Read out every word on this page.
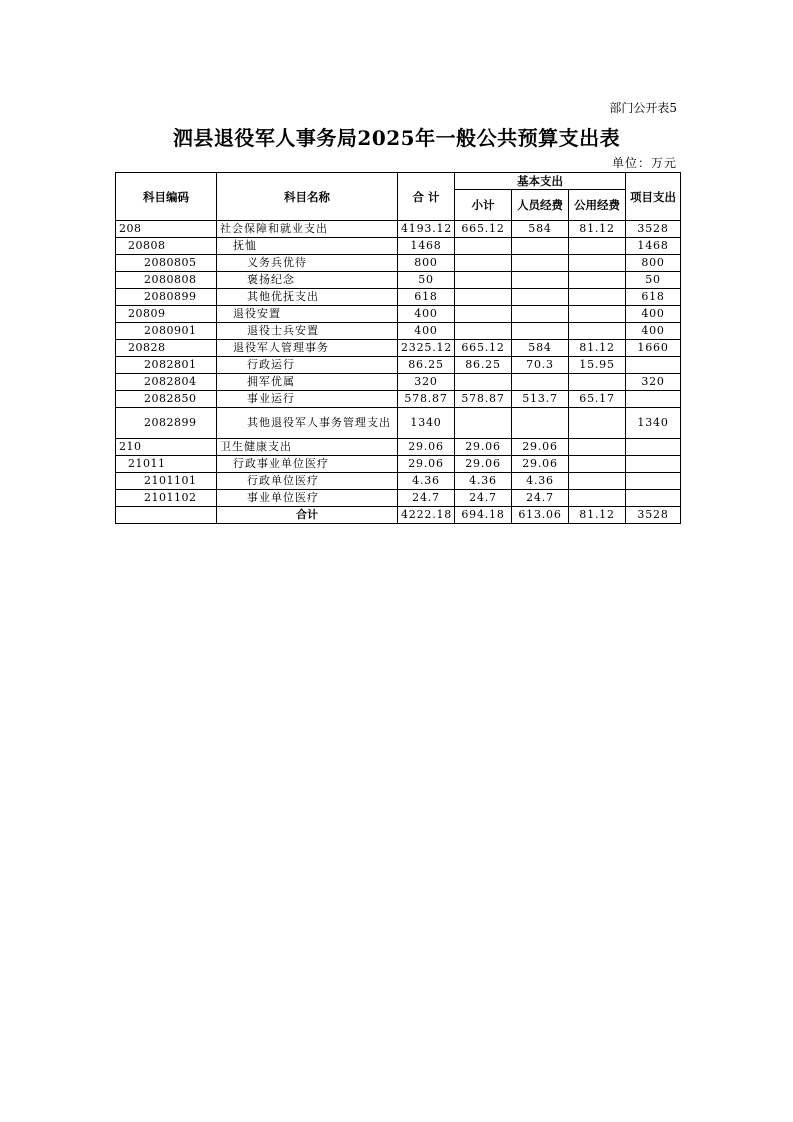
部门公开表5
泗县退役军人事务局2025年一般公共预算支出表
单位：万元
科目编码	科目名称	合 计	基本支出			项目支出
			小计	人员经费	公用经费	
208	社会保障和就业支出	4193.12	665.12	584	81.12	3528
20808	抚恤	1468				1468
2080805	义务兵优待	800				800
2080808	褒扬纪念	50				50
2080899	其他优抚支出	618				618
20809	退役安置	400				400
2080901	退役士兵安置	400				400
20828	退役军人管理事务	2325.12	665.12	584	81.12	1660
2082801	行政运行	86.25	86.25	70.3	15.95	
2082804	拥军优属	320				320
2082850	事业运行	578.87	578.87	513.7	65.17	
2082899	其他退役军人事务管理支出	1340				1340
210	卫生健康支出	29.06	29.06	29.06		
21011	行政事业单位医疗	29.06	29.06	29.06		
2101101	行政单位医疗	4.36	4.36	4.36		
2101102	事业单位医疗	24.7	24.7	24.7		
	合计	4222.18	694.18	613.06	81.12	3528
